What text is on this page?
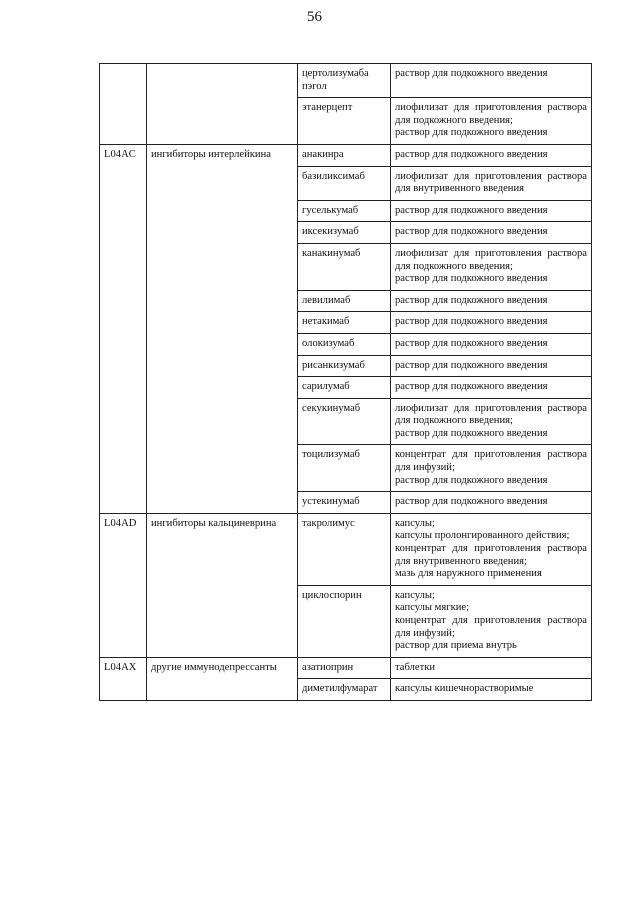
56
		цертолизумаба пэгол	раствор для подкожного введения

		этанерцепт	лиофилизат для приготовления раствора для подкожного введения;
раствор для подкожного введения

L04AC	ингибиторы интерлейкина	анакинра	раствор для подкожного введения

		базиликсимаб	лиофилизат для приготовления раствора для внутривенного введения

		гуселькумаб	раствор для подкожного введения

		иксекизумаб	раствор для подкожного введения

		канакинумаб	лиофилизат для приготовления раствора для подкожного введения;
раствор для подкожного введения

		левилимаб	раствор для подкожного введения

		нетакимаб	раствор для подкожного введения

		олокизумаб	раствор для подкожного введения

		рисанкизумаб	раствор для подкожного введения

		сарилумаб	раствор для подкожного введения

		секукинумаб	лиофилизат для приготовления раствора для подкожного введения;
раствор для подкожного введения

		тоцилизумаб	концентрат для приготовления раствора для инфузий;
раствор для подкожного введения

		устекинумаб	раствор для подкожного введения

L04AD	ингибиторы кальциневрина	такролимус	капсулы;
капсулы пролонгированного действия;
концентрат для приготовления раствора для внутривенного введения;
мазь для наружного применения

		циклоспорин	капсулы;
капсулы мягкие;
концентрат для приготовления раствора для инфузий;
раствор для приема внутрь

L04AX	другие иммунодепрессанты	азатиоприн	таблетки

		диметилфумарат	капсулы кишечнорастворимые
